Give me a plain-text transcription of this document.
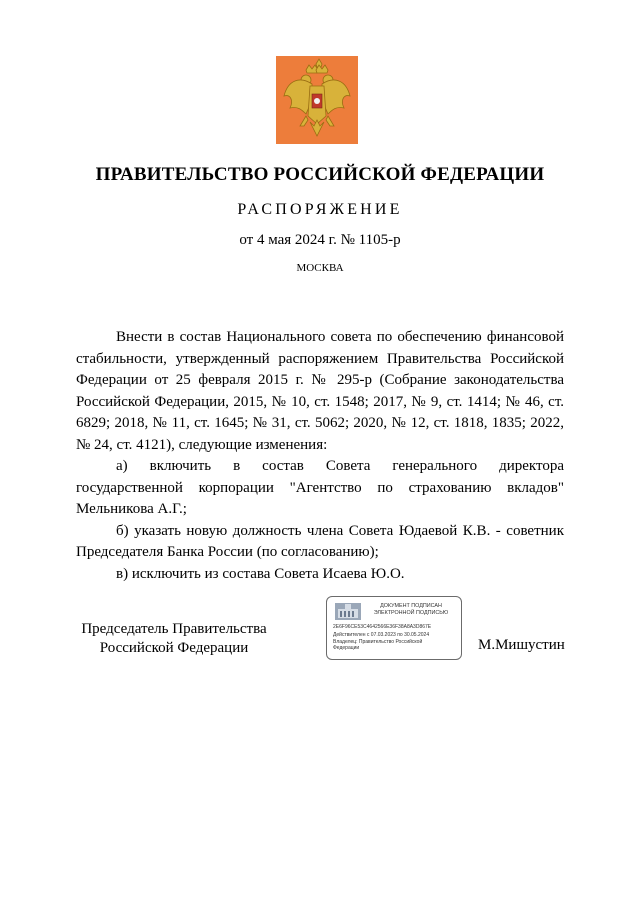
ПРАВИТЕЛЬСТВО РОССИЙСКОЙ ФЕДЕРАЦИИ
РАСПОРЯЖЕНИЕ
от 4 мая 2024 г. № 1105-р
МОСКВА
Внести в состав Национального совета по обеспечению финансовой стабильности, утвержденный распоряжением Правительства Российской Федерации от 25 февраля 2015 г. № 295-р (Собрание законодательства Российской Федерации, 2015, № 10, ст. 1548; 2017, № 9, ст. 1414; № 46, ст. 6829; 2018, № 11, ст. 1645; № 31, ст. 5062; 2020, № 12, ст. 1818, 1835; 2022, № 24, ст. 4121), следующие изменения:
а) включить в состав Совета генерального директора государственной корпорации "Агентство по страхованию вкладов" Мельникова А.Г.;
б) указать новую должность члена Совета Юдаевой К.В. - советник Председателя Банка России (по согласованию);
в) исключить из состава Совета Исаева Ю.О.
Председатель Правительства
Российской Федерации
ДОКУМЕНТ ПОДПИСАН
ЭЛЕКТРОННОЙ ПОДПИСЬЮ
2E6F96CE53C4642566E36F38A8A3D867E
Действителен с 07.03.2023 по 30.05.2024
Владелец: Правительство Российской
Федерации	М.Мишустин
